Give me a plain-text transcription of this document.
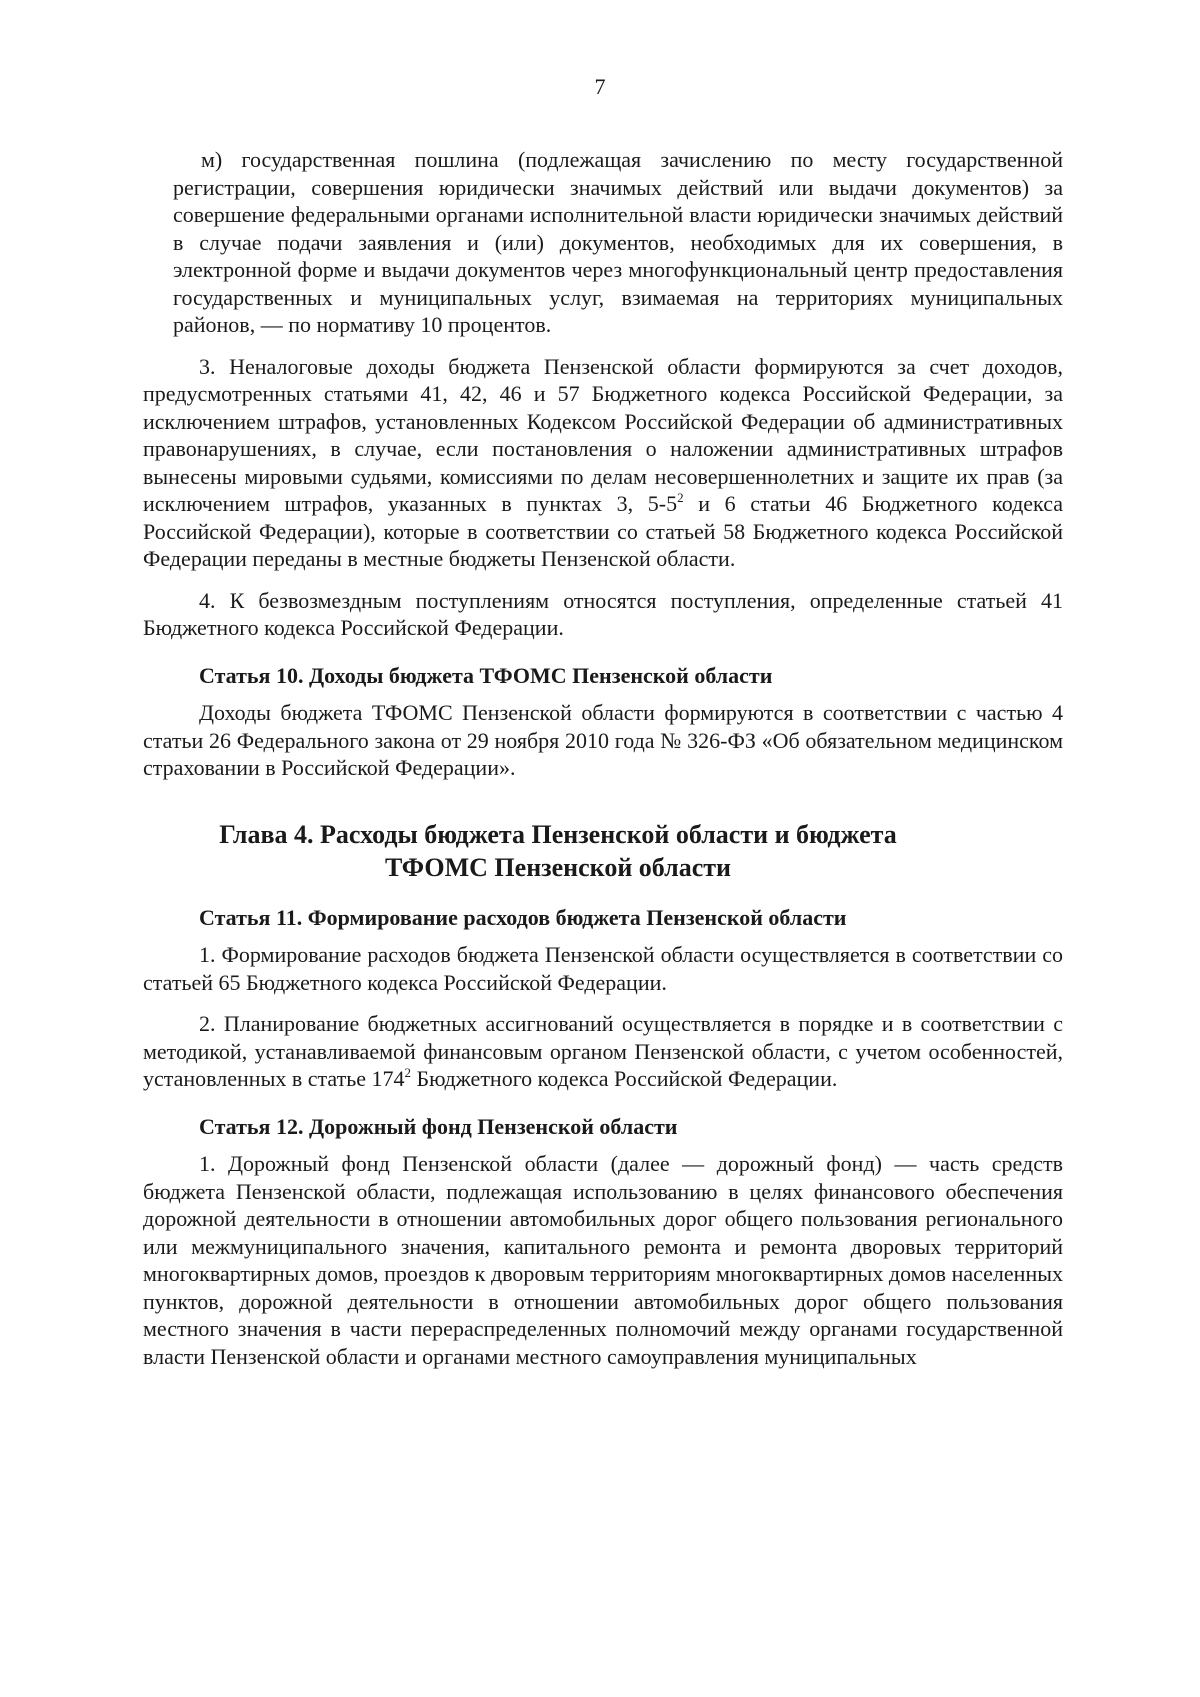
7

м) государственная пошлина (подлежащая зачислению по месту государственной регистрации, совершения юридически значимых действий или выдачи документов) за совершение федеральными органами исполнительной власти юридически значимых действий в случае подачи заявления и (или) документов, необходимых для их совершения, в электронной форме и выдачи документов через многофункциональный центр предоставления государственных и муниципальных услуг, взимаемая на территориях муниципальных районов, — по нормативу 10 процентов.

3. Неналоговые доходы бюджета Пензенской области формируются за счет доходов, предусмотренных статьями 41, 42, 46 и 57 Бюджетного кодекса Российской Федерации, за исключением штрафов, установленных Кодексом Российской Федерации об административных правонарушениях, в случае, если постановления о наложении административных штрафов вынесены мировыми судьями, комиссиями по делам несовершеннолетних и защите их прав (за исключением штрафов, указанных в пунктах 3, $5-5^2$ и 6 статьи 46 Бюджетного кодекса Российской Федерации), которые в соответствии со статьей 58 Бюджетного кодекса Российской Федерации переданы в местные бюджеты Пензенской области.

4. К безвозмездным поступлениям относятся поступления, определенные статьей 41 Бюджетного кодекса Российской Федерации.

Статья 10. Доходы бюджета ТФОМС Пензенской области

Доходы бюджета ТФОМС Пензенской области формируются в соответствии с частью 4 статьи 26 Федерального закона от 29 ноября 2010 года № 326-ФЗ «Об обязательном медицинском страховании в Российской Федерации».

Глава 4. Расходы бюджета Пензенской области и бюджета
ТФОМС Пензенской области
Статья 11. Формирование расходов бюджета Пензенской области

1. Формирование расходов бюджета Пензенской области осуществляется в соответствии со статьей 65 Бюджетного кодекса Российской Федерации.

2. Планирование бюджетных ассигнований осуществляется в порядке и в соответствии с методикой, устанавливаемой финансовым органом Пензенской области, с учетом особенностей, установленных в статье $174^2$ Бюджетного кодекса Российской Федерации.

Статья 12. Дорожный фонд Пензенской области

1. Дорожный фонд Пензенской области (далее — дорожный фонд) — часть средств бюджета Пензенской области, подлежащая использованию в целях финансового обеспечения дорожной деятельности в отношении автомобильных дорог общего пользования регионального или межмуниципального значения, капитального ремонта и ремонта дворовых территорий многоквартирных домов, проездов к дворовым территориям многоквартирных домов населенных пунктов, дорожной деятельности в отношении автомобильных дорог общего пользования местного значения в части перераспределенных полномочий между органами государственной власти Пензенской области и органами местного самоуправления муниципальных
